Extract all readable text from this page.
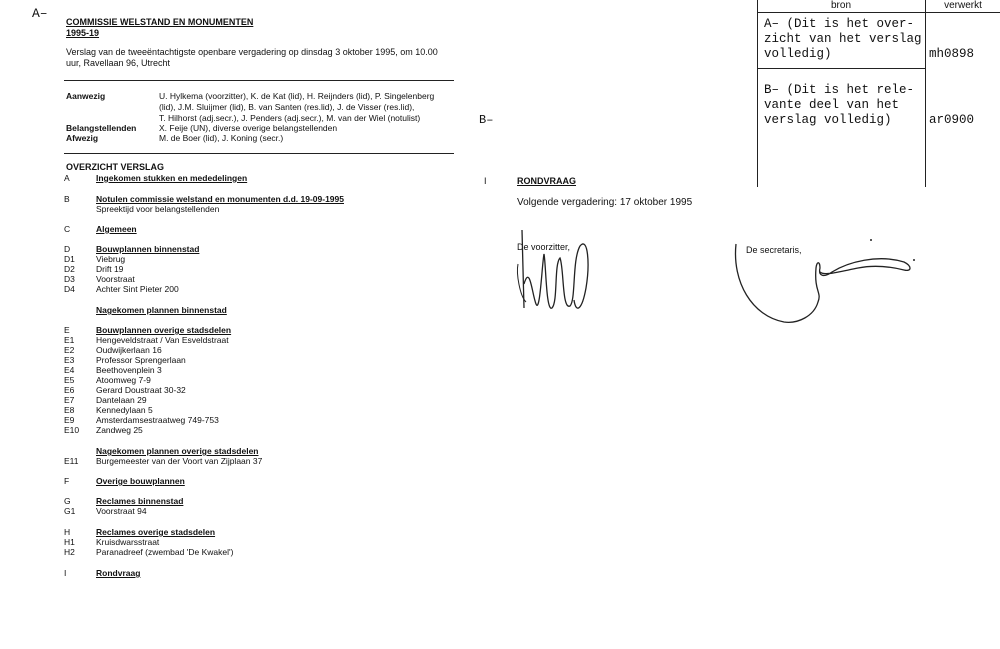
A–
B–
COMMISSIE WELSTAND EN MONUMENTEN
1995-19
Verslag van de tweeëntachtigste openbare vergadering op dinsdag 3 oktober 1995, om 10.00
uur, Ravellaan 96, Utrecht
Aanwezig	U. Hylkema (voorzitter), K. de Kat (lid), H. Reijnders (lid), P. Singelenberg
(lid), J.M. Sluijmer (lid), B. van Santen (res.lid), J. de Visser (res.lid),
T. Hilhorst (adj.secr.), J. Penders (adj.secr.), M. van der Wiel (notulist)
Belangstellenden	X. Feije (UN), diverse overige belangstellenden
Afwezig	M. de Boer (lid), J. Koning (secr.)
OVERZICHT VERSLAG
A	Ingekomen stukken en mededelingen
B	Notulen commissie welstand en monumenten d.d. 19-09-1995
Spreektijd voor belangstellenden
C	Algemeen
D	Bouwplannen binnenstad
D1	Viebrug
D2	Drift 19
D3	Voorstraat
D4	Achter Sint Pieter 200
Nagekomen plannen binnenstad
E	Bouwplannen overige stadsdelen
E1	Hengeveldstraat / Van Esveldstraat
E2	Oudwijkerlaan 16
E3	Professor Sprengerlaan
E4	Beethovenplein 3
E5	Atoomweg 7-9
E6	Gerard Doustraat 30-32
E7	Dantelaan 29
E8	Kennedylaan 5
E9	Amsterdamsestraatweg 749-753
E10	Zandweg 25
Nagekomen plannen overige stadsdelen
E11	Burgemeester van der Voort van Zijplaan 37
F	Overige bouwplannen
G	Reclames binnenstad
G1	Voorstraat 94
H	Reclames overige stadsdelen
H1	Kruisdwarsstraat
H2	Paranadreef (zwembad 'De Kwakel')
I	Rondvraag
I	RONDVRAAG
Volgende vergadering: 17 oktober 1995
De voorzitter,	De secretaris,
bron	verwerkt
A– (Dit is het over-
zicht van het verslag
volledig)	mh0898
B– (Dit is het rele-
vante deel van het
verslag volledig)	ar0900
